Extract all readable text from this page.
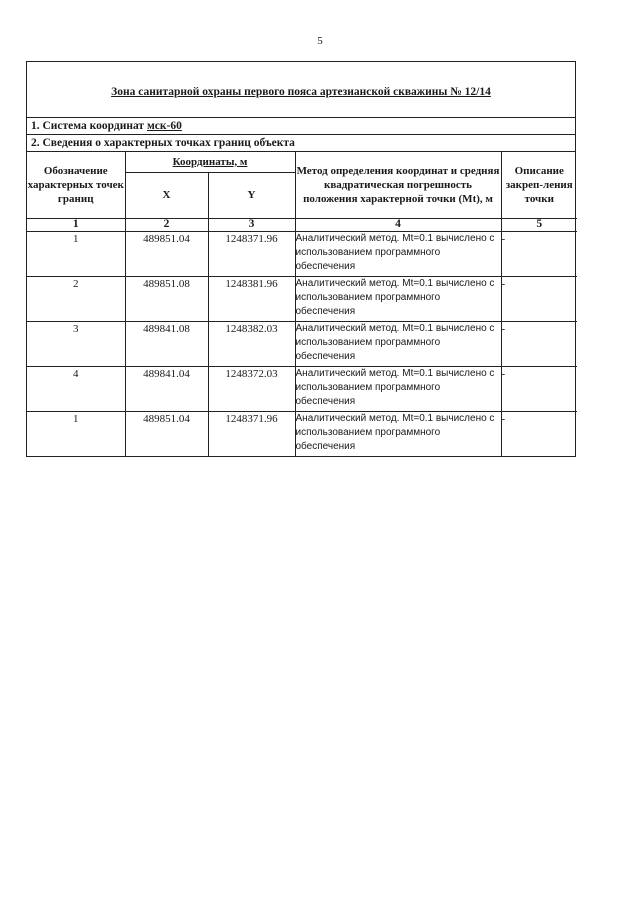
5
Зона санитарной охраны первого пояса артезианской скважины № 12/14
1. Система координат мск-60
2. Сведения о характерных точках границ объекта
Обозначение характерных точек границ	Координаты, м		Метод определения координат и средняя квадратическая погрешность положения характерной точки (Mt), м	Описание закреп-ления точки
	X	Y		
1	2	3	4	5
1	489851.04	1248371.96	Аналитический метод. Mt=0.1 вычислено с использованием программного обеспечения	-
2	489851.08	1248381.96	Аналитический метод. Mt=0.1 вычислено с использованием программного обеспечения	-
3	489841.08	1248382.03	Аналитический метод. Mt=0.1 вычислено с использованием программного обеспечения	-
4	489841.04	1248372.03	Аналитический метод. Mt=0.1 вычислено с использованием программного обеспечения	-
1	489851.04	1248371.96	Аналитический метод. Mt=0.1 вычислено с использованием программного обеспечения	-
